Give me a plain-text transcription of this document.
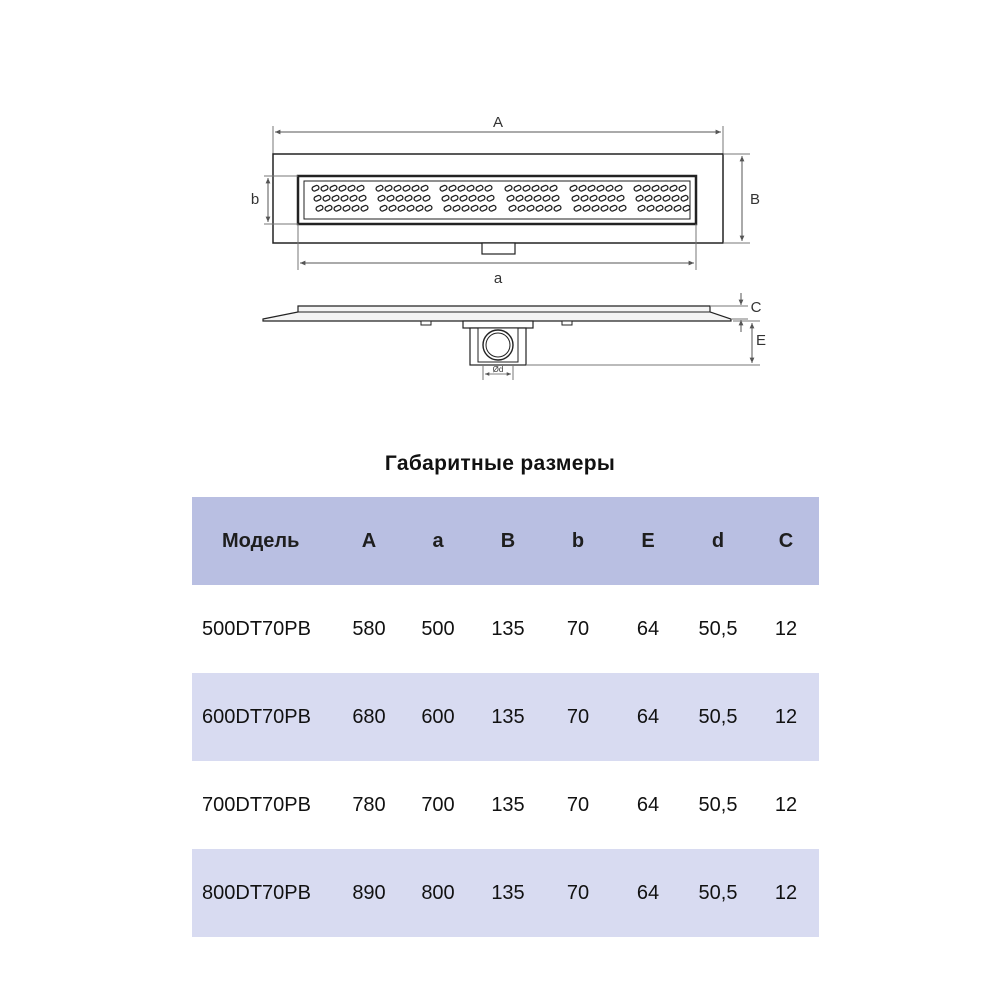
A
b	B
a
Ød
C
E
Габаритные размеры
Модель	A	a	B	b	E	d	C
500DT70PB	580	500	135	70	64	50,5	12
600DT70PB	680	600	135	70	64	50,5	12
700DT70PB	780	700	135	70	64	50,5	12
800DT70PB	890	800	135	70	64	50,5	12
